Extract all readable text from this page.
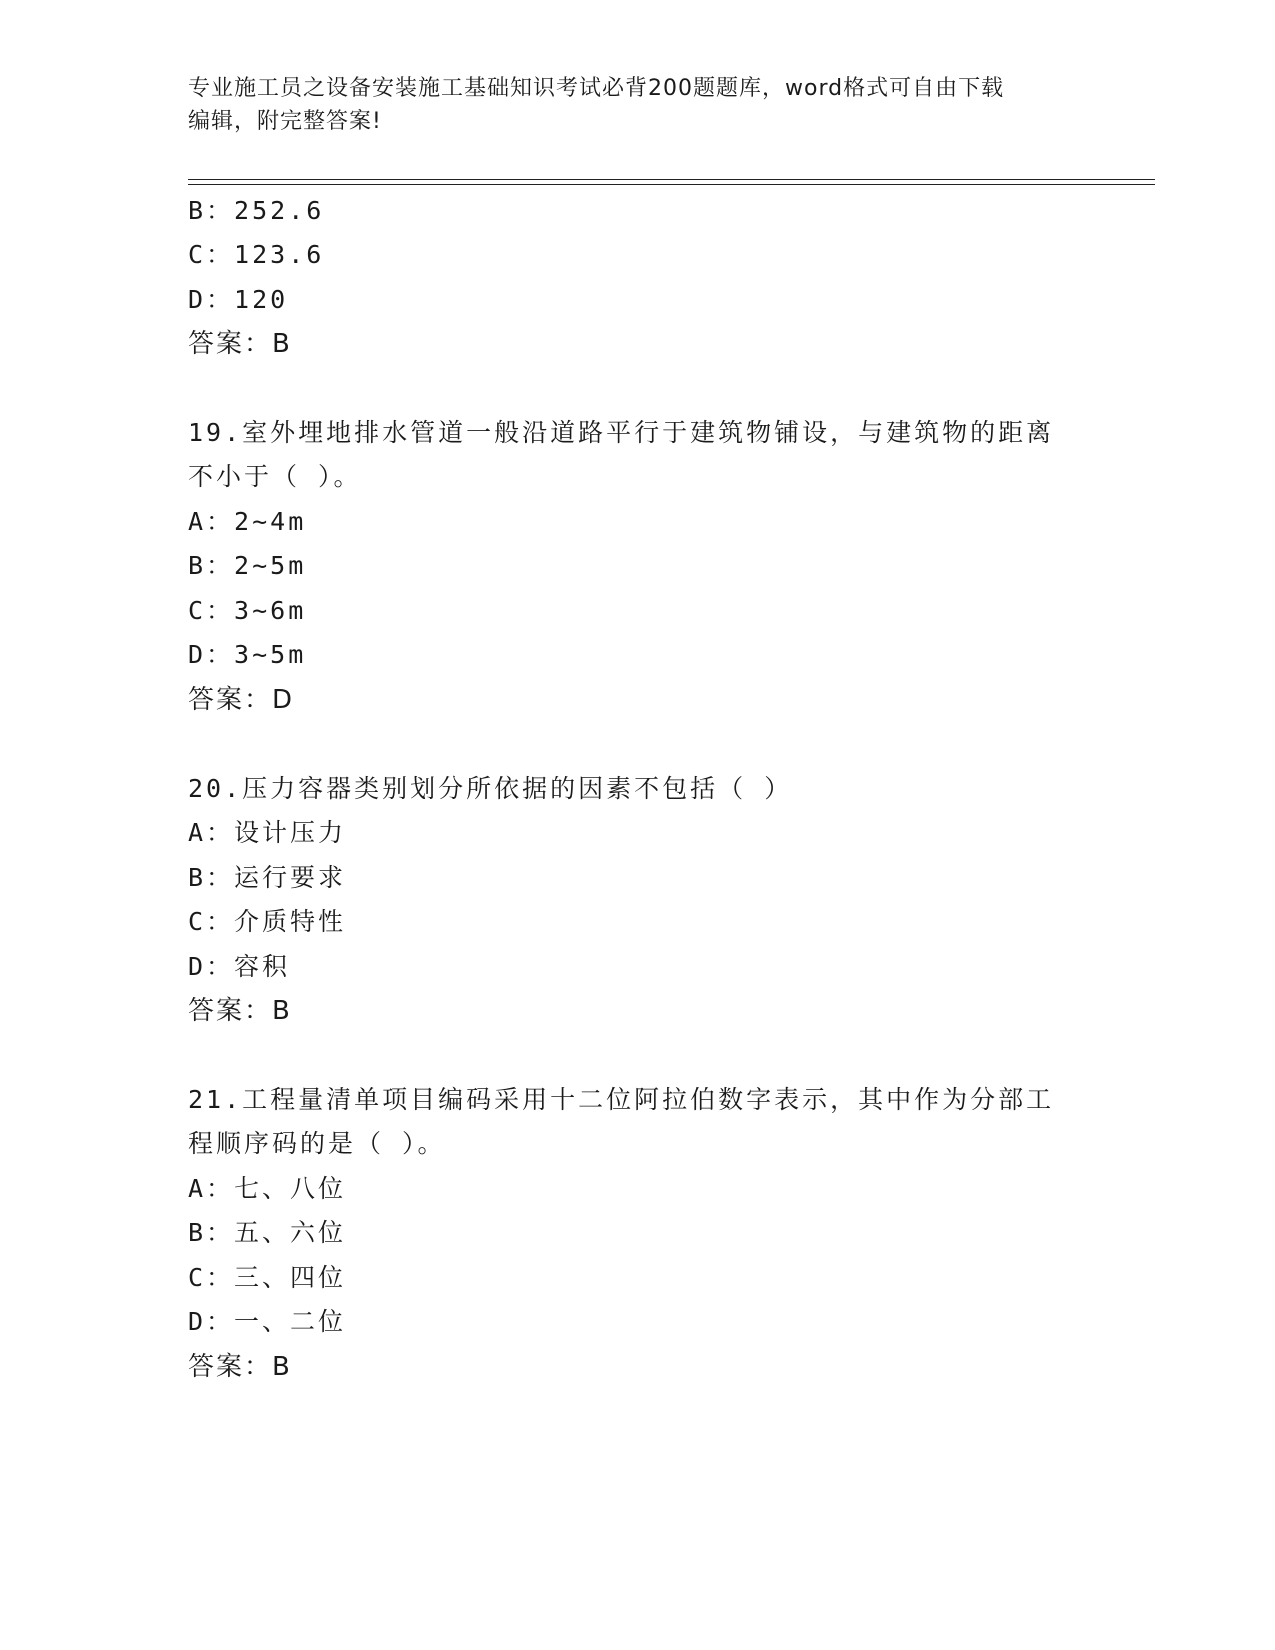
专业施工员之设备安装施工基础知识考试必背200题题库，word格式可自由下载
编辑，附完整答案!
B：252.6
C：123.6
D：120
答案：B
19.室外埋地排水管道一般沿道路平行于建筑物铺设，与建筑物的距离
不小于（ ）。
A：2~4m
B：2~5m
C：3~6m
D：3~5m
答案：D
20.压力容器类别划分所依据的因素不包括（ ）
A：设计压力
B：运行要求
C：介质特性
D：容积
答案：B
21.工程量清单项目编码采用十二位阿拉伯数字表示，其中作为分部工
程顺序码的是（ ）。
A：七、八位
B：五、六位
C：三、四位
D：一、二位
答案：B
